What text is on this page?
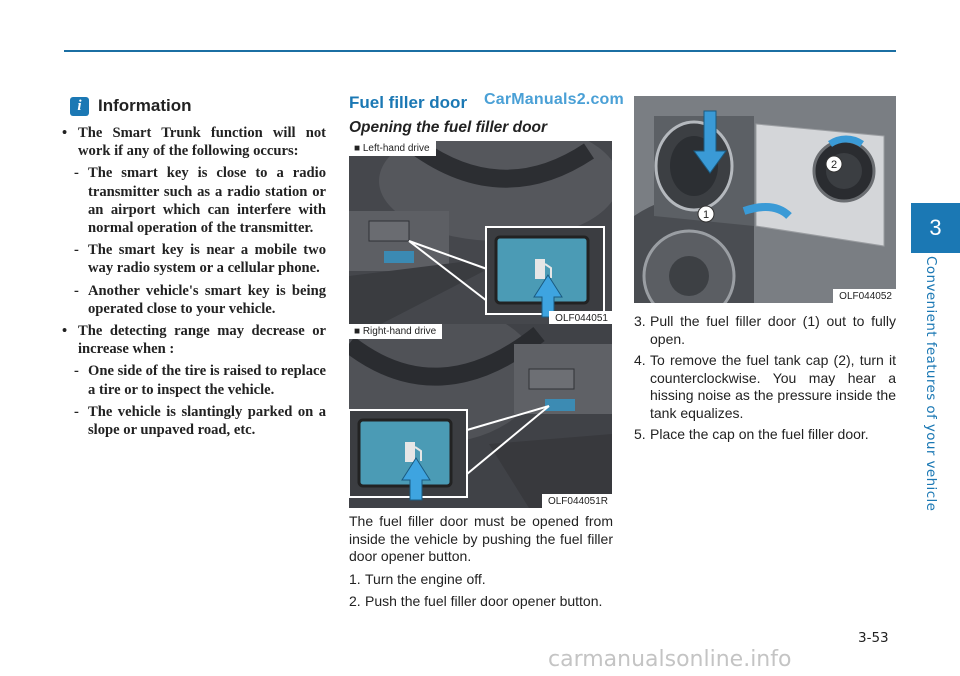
i Information
• The Smart Trunk function will not work if any of the following occurs:
- The smart key is close to a radio transmitter such as a radio station or an airport which can interfere with normal operation of the transmitter.
- The smart key is near a mobile two way radio system or a cellular phone.
- Another vehicle's smart key is being operated close to your vehicle.
• The detecting range may decrease or increase when :
- One side of the tire is raised to replace a tire or to inspect the vehicle.
- The vehicle is slantingly parked on a slope or unpaved road, etc.
Fuel filler door CarManuals2.com
Opening the fuel filler door
■ Left-hand drive
OLF044051
■ Right-hand drive
OLF044051R

The fuel filler door must be opened from inside the vehicle by pushing the fuel filler door opener button.

1. Turn the engine off.
2. Push the fuel filler door opener button.
1
2
OLF044052
3. Pull the fuel filler door (1) out to fully open.
4. To remove the fuel tank cap (2), turn it counterclockwise. You may hear a hissing noise as the pressure inside the tank equalizes.
5. Place the cap on the fuel filler door.
3
Convenient features of your vehicle
3-53
carmanualsonline.info
